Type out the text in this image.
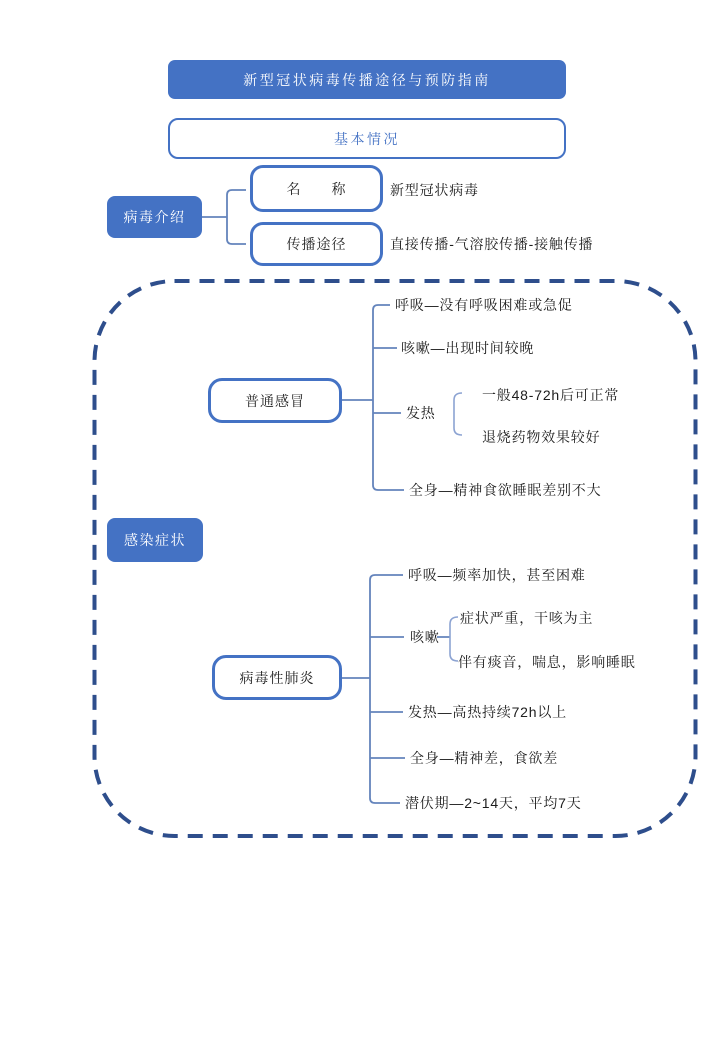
新型冠状病毒传播途径与预防指南
基本情况
病毒介绍
名　　称
传播途径
新型冠状病毒
直接传播-气溶胶传播-接触传播
感染症状
普通感冒
呼吸—没有呼吸困难或急促
咳嗽—出现时间较晚
发热
一般48-72h后可正常
退烧药物效果较好
全身—精神食欲睡眠差别不大
病毒性肺炎
呼吸—频率加快，甚至困难
咳嗽
症状严重，干咳为主
伴有痰音，喘息，影响睡眠
发热—高热持续72h以上
全身—精神差，食欲差
潜伏期—2~14天，平均7天
